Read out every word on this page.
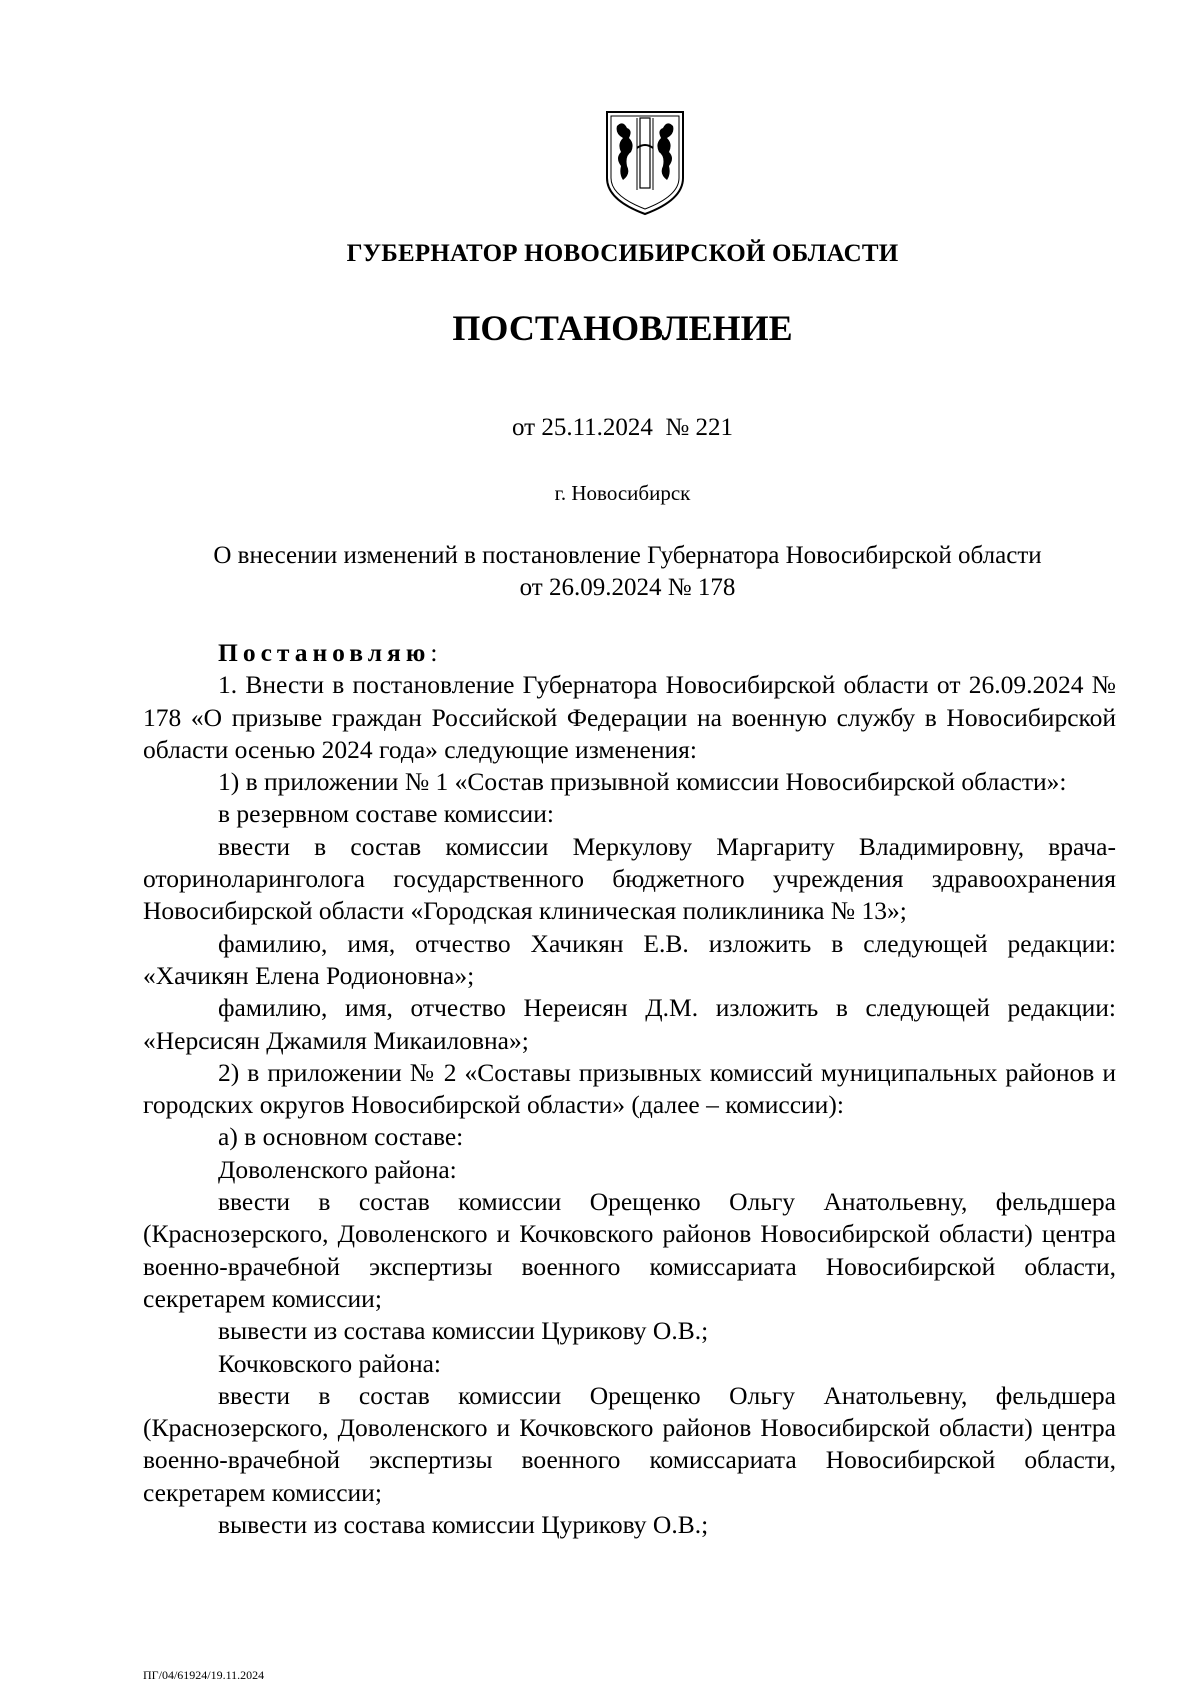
ГУБЕРНАТОР НОВОСИБИРСКОЙ ОБЛАСТИ
ПОСТАНОВЛЕНИЕ
от 25.11.2024  № 221
г. Новосибирск
О внесении изменений в постановление Губернатора Новосибирской области
от 26.09.2024 № 178

Постановляю:

1. Внести в постановление Губернатора Новосибирской области от 26.09.2024 № 178 «О призыве граждан Российской Федерации на военную службу в Новосибирской области осенью 2024 года» следующие изменения:

1) в приложении № 1 «Состав призывной комиссии Новосибирской области»:

в резервном составе комиссии:

ввести в состав комиссии Меркулову Маргариту Владимировну, врача-оториноларинголога государственного бюджетного учреждения здравоохранения Новосибирской области «Городская клиническая поликлиника № 13»;

фамилию, имя, отчество Хачикян Е.В. изложить в следующей редакции: «Хачикян Елена Родионовна»;

фамилию, имя, отчество Нереисян Д.М. изложить в следующей редакции: «Нерсисян Джамиля Микаиловна»;

2) в приложении № 2 «Составы призывных комиссий муниципальных районов и городских округов Новосибирской области» (далее – комиссии):

а) в основном составе:

Доволенского района:

ввести в состав комиссии Орещенко Ольгу Анатольевну, фельдшера (Краснозерского, Доволенского и Кочковского районов Новосибирской области) центра военно-врачебной экспертизы военного комиссариата Новосибирской области, секретарем комиссии;

вывести из состава комиссии Цурикову О.В.;

Кочковского района:

ввести в состав комиссии Орещенко Ольгу Анатольевну, фельдшера (Краснозерского, Доволенского и Кочковского районов Новосибирской области) центра военно-врачебной экспертизы военного комиссариата Новосибирской области, секретарем комиссии;

вывести из состава комиссии Цурикову О.В.;

ПГ/04/61924/19.11.2024
